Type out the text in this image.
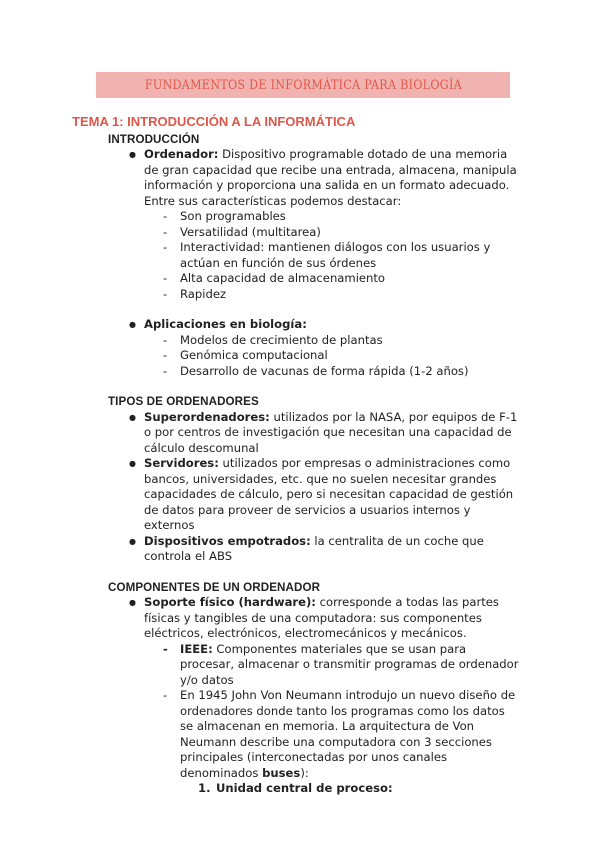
FUNDAMENTOS DE INFORMÁTICA PARA BIOLOGÍA
TEMA 1: INTRODUCCIÓN A LA INFORMÁTICA
INTRODUCCIÓN
● Ordenador: Dispositivo programable dotado de una memoria de gran capacidad que recibe una entrada, almacena, manipula información y proporciona una salida en un formato adecuado. Entre sus características podemos destacar:
- Son programables
- Versatilidad (multitarea)
- Interactividad: mantienen diálogos con los usuarios y actúan en función de sus órdenes
- Alta capacidad de almacenamiento
- Rapidez
● Aplicaciones en biología:
- Modelos de crecimiento de plantas
- Genómica computacional
- Desarrollo de vacunas de forma rápida (1-2 años)
TIPOS DE ORDENADORES
● Superordenadores: utilizados por la NASA, por equipos de F-1 o por centros de investigación que necesitan una capacidad de cálculo descomunal
● Servidores: utilizados por empresas o administraciones como bancos, universidades, etc. que no suelen necesitar grandes capacidades de cálculo, pero si necesitan capacidad de gestión de datos para proveer de servicios a usuarios internos y externos
● Dispositivos empotrados: la centralita de un coche que controla el ABS
COMPONENTES DE UN ORDENADOR
● Soporte físico (hardware): corresponde a todas las partes físicas y tangibles de una computadora: sus componentes eléctricos, electrónicos, electromecánicos y mecánicos.
- IEEE: Componentes materiales que se usan para procesar, almacenar o transmitir programas de ordenador y/o datos
- En 1945 John Von Neumann introdujo un nuevo diseño de ordenadores donde tanto los programas como los datos se almacenan en memoria. La arquitectura de Von Neumann describe una computadora con 3 secciones principales (interconectadas por unos canales denominados buses):
1. Unidad central de proceso:
